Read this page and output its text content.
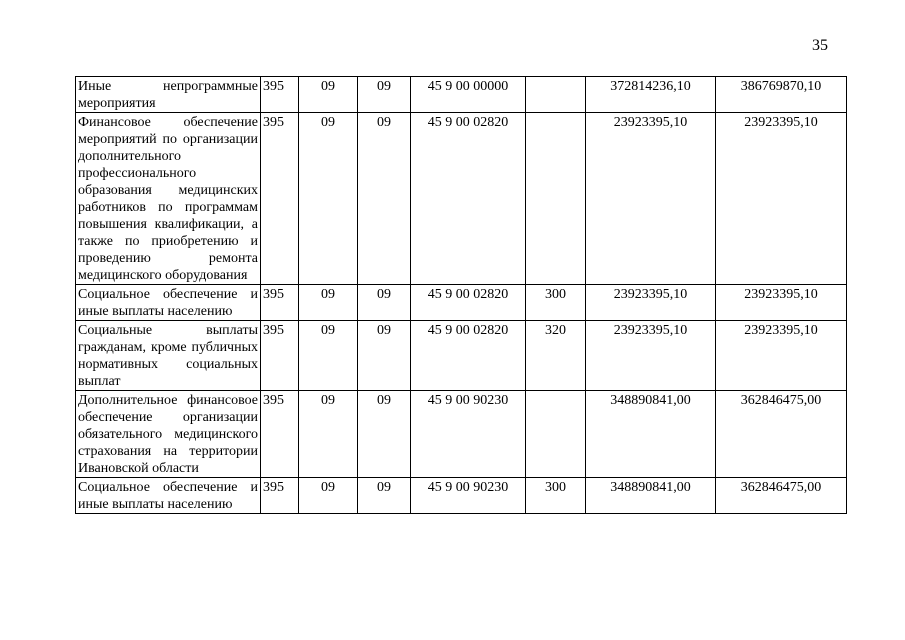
35
Иные непрограммные мероприятия	395	09	09	45 9 00 00000		372814236,10	386769870,10
Финансовое обеспечение мероприятий по организации дополнительного профессионального образования медицинских работников по программам повышения квалификации, а также по приобретению и проведению ремонта медицинского оборудования	395	09	09	45 9 00 02820		23923395,10	23923395,10
Социальное обеспечение и иные выплаты населению	395	09	09	45 9 00 02820	300	23923395,10	23923395,10
Социальные выплаты гражданам, кроме публичных нормативных социальных выплат	395	09	09	45 9 00 02820	320	23923395,10	23923395,10
Дополнительное финансовое обеспечение организации обязательного медицинского страхования на территории Ивановской области	395	09	09	45 9 00 90230		348890841,00	362846475,00
Социальное обеспечение и иные выплаты населению	395	09	09	45 9 00 90230	300	348890841,00	362846475,00
